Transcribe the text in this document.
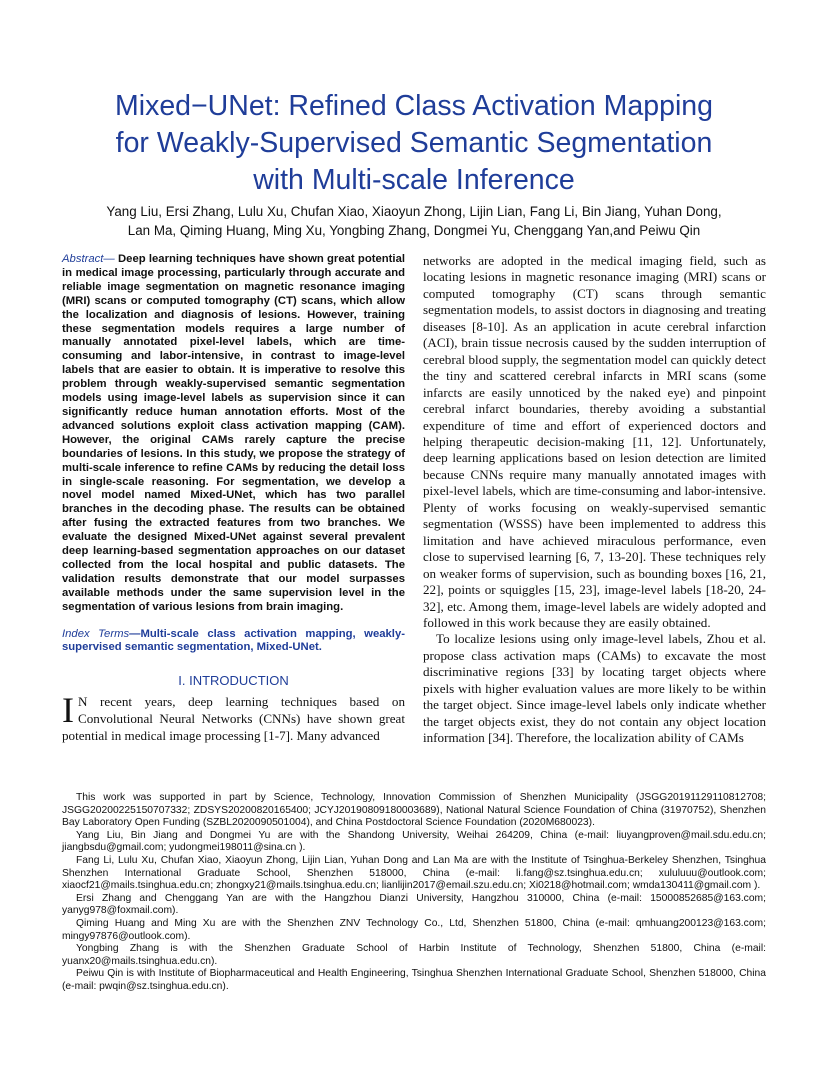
Mixed−UNet: Refined Class Activation Mapping
for Weakly-Supervised Semantic Segmentation
with Multi-scale Inference
Yang Liu, Ersi Zhang, Lulu Xu, Chufan Xiao, Xiaoyun Zhong, Lijin Lian, Fang Li, Bin Jiang, Yuhan Dong,
Lan Ma, Qiming Huang, Ming Xu, Yongbing Zhang, Dongmei Yu, Chenggang Yan,and Peiwu Qin

Abstract— Deep learning techniques have shown great potential in medical image processing, particularly through accurate and reliable image segmentation on magnetic resonance imaging (MRI) scans or computed tomography (CT) scans, which allow the localization and diagnosis of lesions. However, training these segmentation models requires a large number of manually annotated pixel-level labels, which are time-consuming and labor-intensive, in contrast to image-level labels that are easier to obtain. It is imperative to resolve this problem through weakly-supervised semantic segmentation models using image-level labels as supervision since it can significantly reduce human annotation efforts. Most of the advanced solutions exploit class activation mapping (CAM). However, the original CAMs rarely capture the precise boundaries of lesions. In this study, we propose the strategy of multi-scale inference to refine CAMs by reducing the detail loss in single-scale reasoning. For segmentation, we develop a novel model named Mixed-UNet, which has two parallel branches in the decoding phase. The results can be obtained after fusing the extracted features from two branches. We evaluate the designed Mixed-UNet against several prevalent deep learning-based segmentation approaches on our dataset collected from the local hospital and public datasets. The validation results demonstrate that our model surpasses available methods under the same supervision level in the segmentation of various lesions from brain imaging.

Index Terms—Multi-scale class activation mapping, weakly-supervised semantic segmentation, Mixed-UNet.

I. INTRODUCTION

I N recent years, deep learning techniques based on Convolutional Neural Networks (CNNs) have shown great potential in medical image processing [1-7]. Many advanced

networks are adopted in the medical imaging field, such as locating lesions in magnetic resonance imaging (MRI) scans or computed tomography (CT) scans through semantic segmentation models, to assist doctors in diagnosing and treating diseases [8-10]. As an application in acute cerebral infarction (ACI), brain tissue necrosis caused by the sudden interruption of cerebral blood supply, the segmentation model can quickly detect the tiny and scattered cerebral infarcts in MRI scans (some infarcts are easily unnoticed by the naked eye) and pinpoint cerebral infarct boundaries, thereby avoiding a substantial expenditure of time and effort of experienced doctors and helping therapeutic decision-making [11, 12]. Unfortunately, deep learning applications based on lesion detection are limited because CNNs require many manually annotated images with pixel-level labels, which are time-consuming and labor-intensive. Plenty of works focusing on weakly-supervised semantic segmentation (WSSS) have been implemented to address this limitation and have achieved miraculous performance, even close to supervised learning [6, 7, 13-20]. These techniques rely on weaker forms of supervision, such as bounding boxes [16, 21, 22], points or squiggles [15, 23], image-level labels [18-20, 24-32], etc. Among them, image-level labels are widely adopted and followed in this work because they are easily obtained.

To localize lesions using only image-level labels, Zhou et al. propose class activation maps (CAMs) to excavate the most discriminative regions [33] by locating target objects where pixels with higher evaluation values are more likely to be within the target object. Since image-level labels only indicate whether the target objects exist, they do not contain any object location information [34]. Therefore, the localization ability of CAMs

This work was supported in part by Science, Technology, Innovation Commission of Shenzhen Municipality (JSGG20191129110812708; JSGG20200225150707332; ZDSYS20200820165400; JCYJ20190809180003689), National Natural Science Foundation of China (31970752), Shenzhen Bay Laboratory Open Funding (SZBL2020090501004), and China Postdoctoral Science Foundation (2020M680023).

Yang Liu, Bin Jiang and Dongmei Yu are with the Shandong University, Weihai 264209, China (e-mail: liuyangproven@mail.sdu.edu.cn; jiangbsdu@gmail.com; yudongmei198011@sina.cn ).

Fang Li, Lulu Xu, Chufan Xiao, Xiaoyun Zhong, Lijin Lian, Yuhan Dong and Lan Ma are with the Institute of Tsinghua-Berkeley Shenzhen, Tsinghua Shenzhen International Graduate School, Shenzhen 518000, China (e-mail: li.fang@sz.tsinghua.edu.cn; xululuuu@outlook.com; xiaocf21@mails.tsinghua.edu.cn; zhongxy21@mails.tsinghua.edu.cn; lianlijin2017@email.szu.edu.cn; Xi0218@hotmail.com; wmda130411@gmail.com ).

Ersi Zhang and Chenggang Yan are with the Hangzhou Dianzi University, Hangzhou 310000, China (e-mail: 15000852685@163.com; yanyg978@foxmail.com).

Qiming Huang and Ming Xu are with the Shenzhen ZNV Technology Co., Ltd, Shenzhen 51800, China (e-mail: qmhuang200123@163.com; mingy97876@outlook.com).

Yongbing Zhang is with the Shenzhen Graduate School of Harbin Institute of Technology, Shenzhen 51800, China (e-mail: yuanx20@mails.tsinghua.edu.cn).

Peiwu Qin is with Institute of Biopharmaceutical and Health Engineering, Tsinghua Shenzhen International Graduate School, Shenzhen 518000, China (e-mail: pwqin@sz.tsinghua.edu.cn).
